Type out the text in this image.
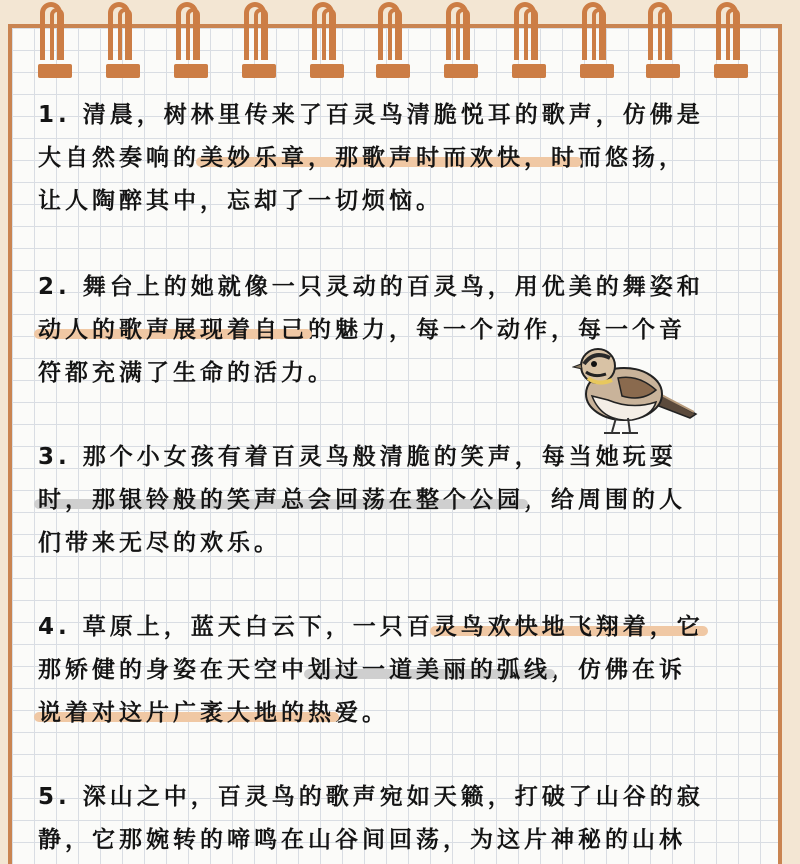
1. 清晨，树林里传来了百灵鸟清脆悦耳的歌声，仿佛是
大自然奏响的美妙乐章，那歌声时而欢快，时而悠扬，
让人陶醉其中，忘却了一切烦恼。
2. 舞台上的她就像一只灵动的百灵鸟，用优美的舞姿和
动人的歌声展现着自己的魅力，每一个动作，每一个音
符都充满了生命的活力。
3. 那个小女孩有着百灵鸟般清脆的笑声，每当她玩耍
时，那银铃般的笑声总会回荡在整个公园，给周围的人
们带来无尽的欢乐。
4. 草原上，蓝天白云下，一只百灵鸟欢快地飞翔着，它
那矫健的身姿在天空中划过一道美丽的弧线，仿佛在诉
说着对这片广袤大地的热爱。
5. 深山之中，百灵鸟的歌声宛如天籁，打破了山谷的寂
静，它那婉转的啼鸣在山谷间回荡，为这片神秘的山林
